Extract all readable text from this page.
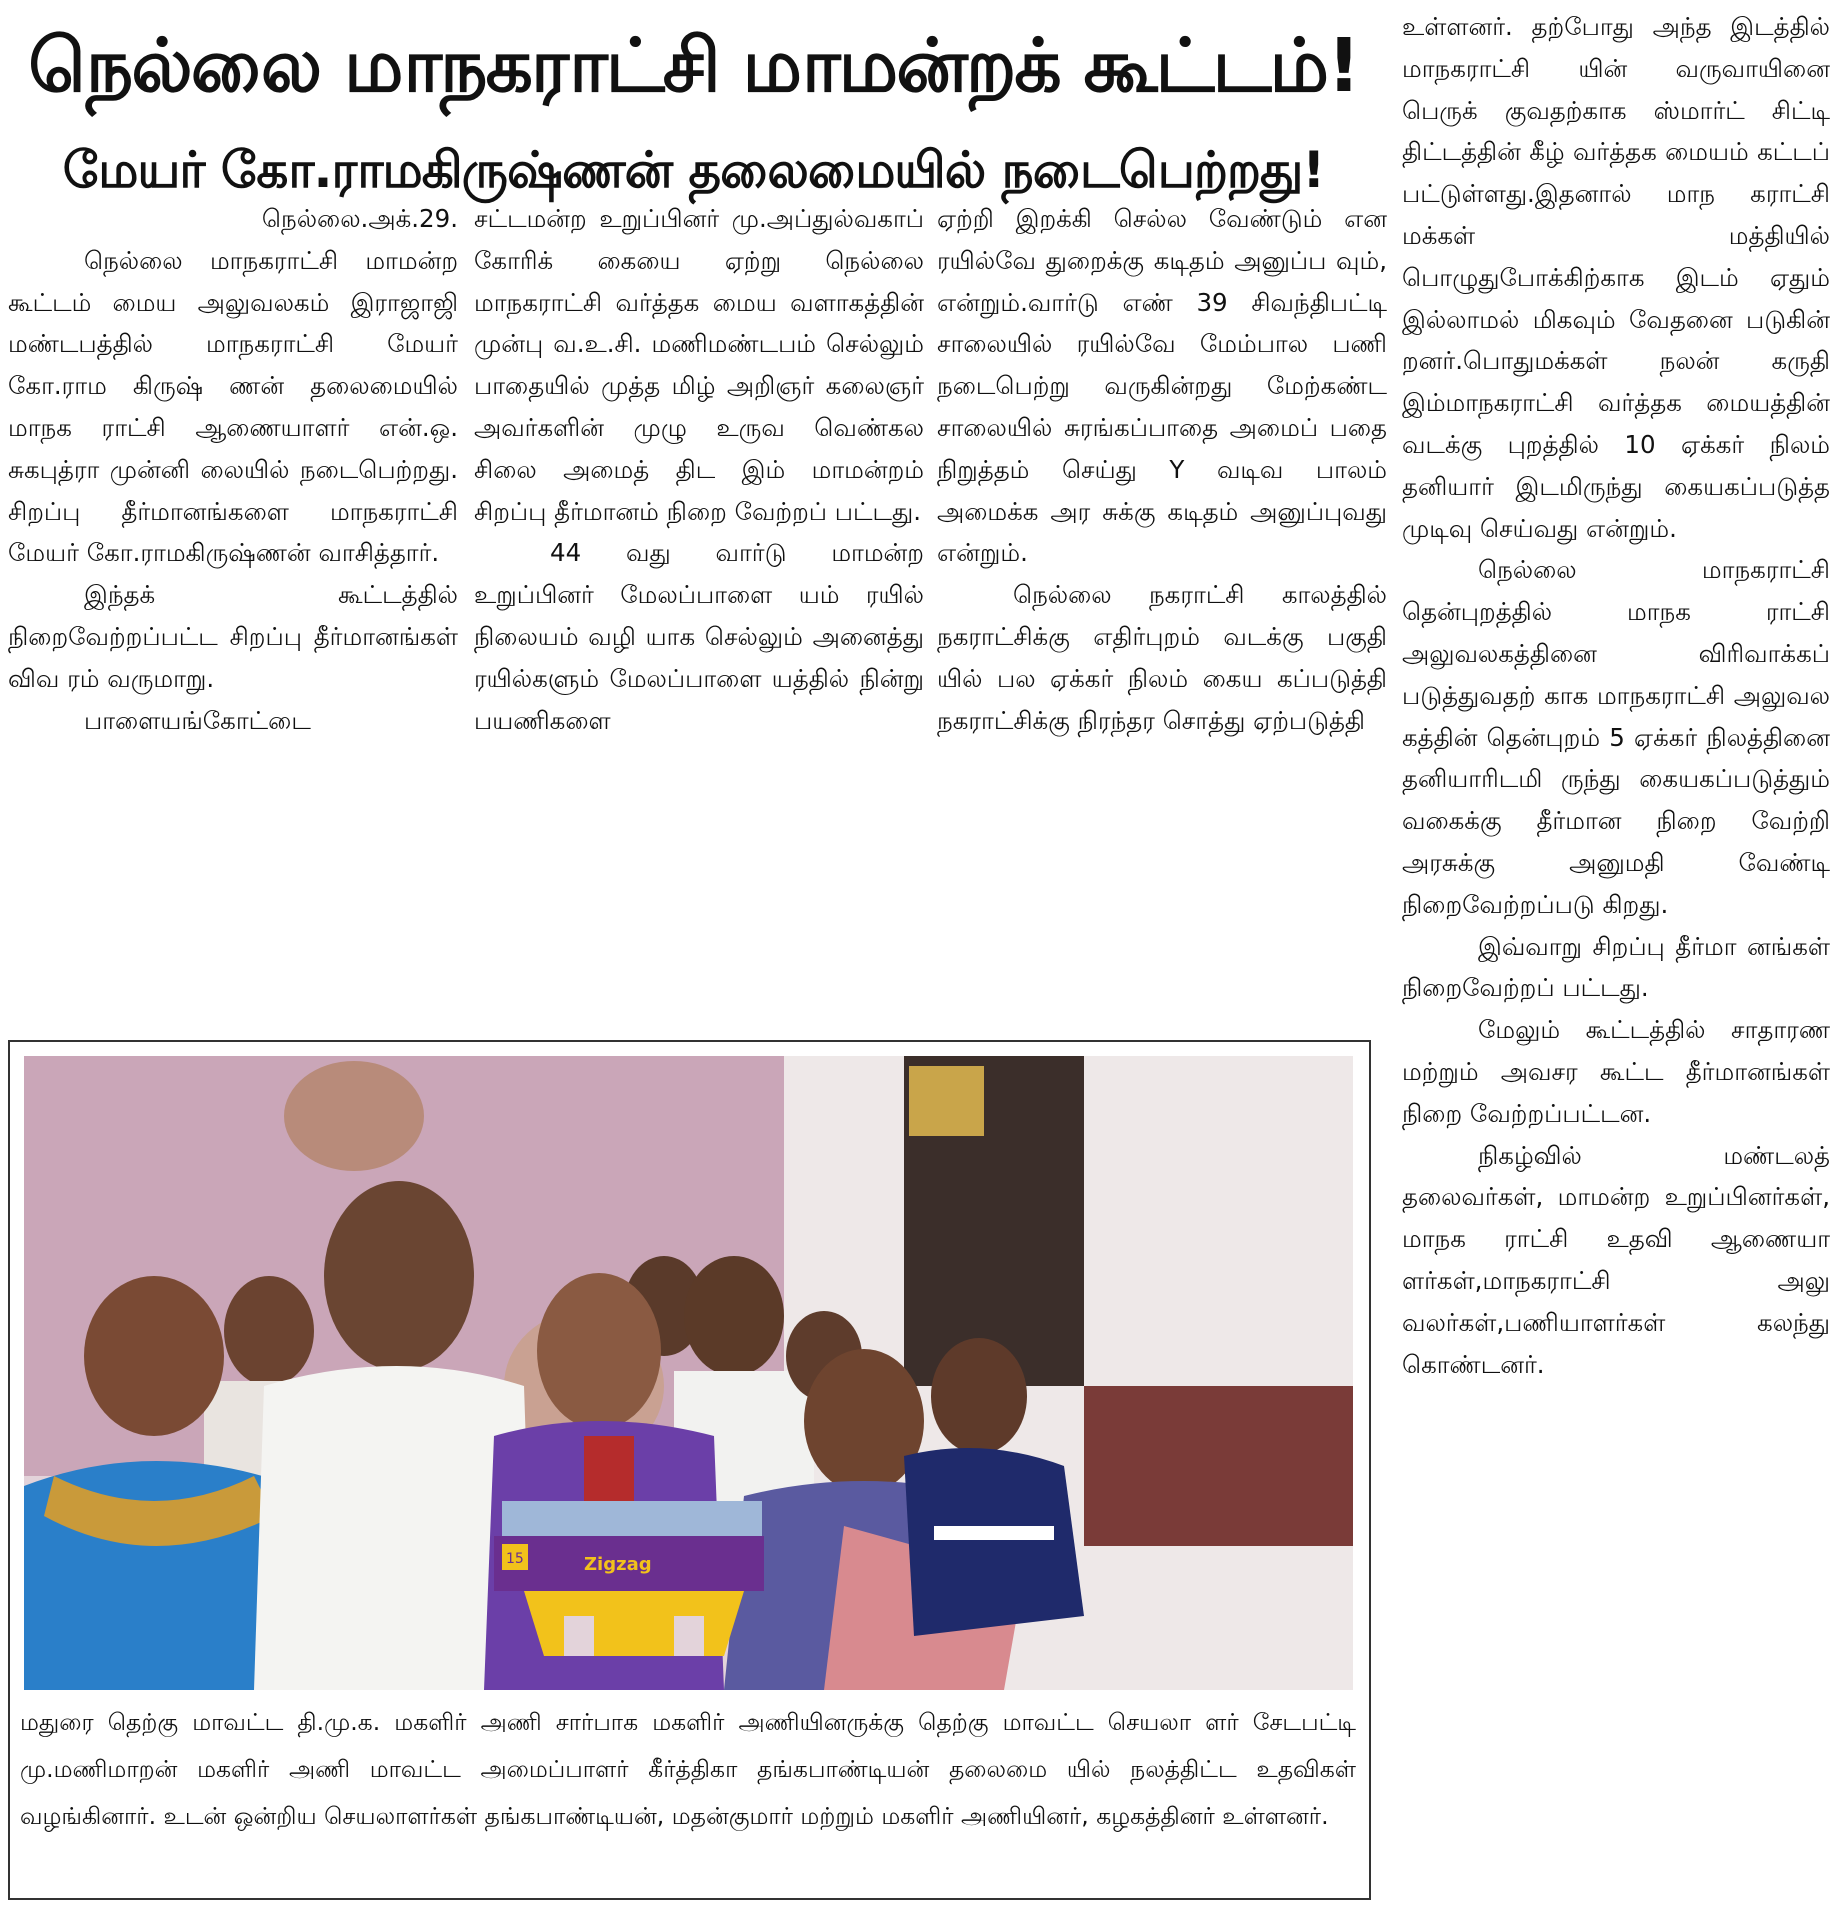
நெல்லை மாநகராட்சி மாமன்றக் கூட்டம்!
மேயர் கோ.ராமகிருஷ்ணன் தலைமையில் நடைபெற்றது!

நெல்லை.அக்.29.

நெல்லை மாநகராட்சி மாமன்ற கூட்டம் மைய அலுவலகம் இராஜாஜி மண்டபத்தில் மாநகராட்சி மேயர் கோ.ராம கிருஷ் ணன் தலைமையில் மாநக ராட்சி ஆணையாளர் என்.ஒ. சுகபுத்ரா முன்னி லையில் நடைபெற்றது. சிறப்பு தீர்மானங்களை மாநகராட்சி மேயர் கோ.ராமகிருஷ்ணன் வாசித்தார்.

இந்தக் கூட்டத்தில் நிறைவேற்றப்பட்ட சிறப்பு தீர்மானங்கள் விவ ரம் வருமாறு.

பாளையங்கோட்டை

சட்டமன்ற உறுப்பினர் மு.அப்துல்வகாப் கோரிக் கையை ஏற்று நெல்லை மாநகராட்சி வர்த்தக மைய வளாகத்தின் முன்பு வ.உ.சி. மணிமண்டபம் செல்லும் பாதையில் முத்த மிழ் அறிஞர் கலைஞர் அவர்களின் முழு உருவ வெண்கல சிலை அமைத் திட இம் மாமன்றம் சிறப்பு தீர்மானம் நிறை வேற்றப் பட்டது.

44 வது வார்டு மாமன்ற உறுப்பினர் மேலப்பாளை யம் ரயில் நிலையம் வழி யாக செல்லும் அனைத்து ரயில்களும் மேலப்பாளை யத்தில் நின்று பயணிகளை

ஏற்றி இறக்கி செல்ல வேண்டும் என ரயில்வே துறைக்கு கடிதம் அனுப்ப வும், என்றும்.வார்டு எண் 39 சிவந்திபட்டி சாலையில் ரயில்வே மேம்பால பணி நடைபெற்று வருகின்றது மேற்கண்ட சாலையில் சுரங்கப்பாதை அமைப் பதை நிறுத்தம் செய்து Y வடிவ பாலம் அமைக்க அர சுக்கு கடிதம் அனுப்புவது என்றும்.

நெல்லை நகராட்சி காலத்தில் நகராட்சிக்கு எதிர்புறம் வடக்கு பகுதி யில் பல ஏக்கர் நிலம் கைய கப்படுத்தி நகராட்சிக்கு நிரந்தர சொத்து ஏற்படுத்தி

உள்ளனர். தற்போது அந்த இடத்தில் மாநகராட்சி யின் வருவாயினை பெருக் குவதற்காக ஸ்மார்ட் சிட்டி திட்டத்தின் கீழ் வர்த்தக மையம் கட்டப் பட்டுள்ளது.இதனால் மாந கராட்சி மக்கள் மத்தியில் பொழுதுபோக்கிற்காக இடம் ஏதும் இல்லாமல் மிகவும் வேதனை படுகின் றனர்.பொதுமக்கள் நலன் கருதி இம்மாநகராட்சி வர்த்தக மையத்தின் வடக்கு புறத்தில் 10 ஏக்கர் நிலம் தனியார் இடமிருந்து கையகப்படுத்த முடிவு செய்வது என்றும்.

நெல்லை மாநகராட்சி தென்புறத்தில் மாநக ராட்சி அலுவலகத்தினை விரிவாக்கப் படுத்துவதற் காக மாநகராட்சி அலுவல கத்தின் தென்புறம் 5 ஏக்கர் நிலத்தினை தனியாரிடமி ருந்து கையகப்படுத்தும் வகைக்கு தீர்மான நிறை வேற்றி அரசுக்கு அனுமதி வேண்டி நிறைவேற்றப்படு கிறது.

இவ்வாறு சிறப்பு தீர்மா னங்கள் நிறைவேற்றப் பட்டது.

மேலும் கூட்டத்தில் சாதாரண மற்றும் அவசர கூட்ட தீர்மானங்கள் நிறை வேற்றப்பட்டன.

நிகழ்வில் மண்டலத் தலைவர்கள், மாமன்ற உறுப்பினர்கள், மாநக ராட்சி உதவி ஆணையா ளர்கள்,மாநகராட்சி அலு வலர்கள்,பணியாளர்கள் கலந்து கொண்டனர்.

Zigzag
15

மதுரை தெற்கு மாவட்ட தி.மு.க. மகளிர் அணி சார்பாக மகளிர் அணியினருக்கு தெற்கு மாவட்ட செயலா ளர் சேடபட்டி மு.மணிமாறன் மகளிர் அணி மாவட்ட அமைப்பாளர் கீர்த்திகா தங்கபாண்டியன் தலைமை யில் நலத்திட்ட உதவிகள் வழங்கினார். உடன் ஒன்றிய செயலாளர்கள் தங்கபாண்டியன், மதன்குமார் மற்றும் மகளிர் அணியினர், கழகத்தினர் உள்ளனர்.
